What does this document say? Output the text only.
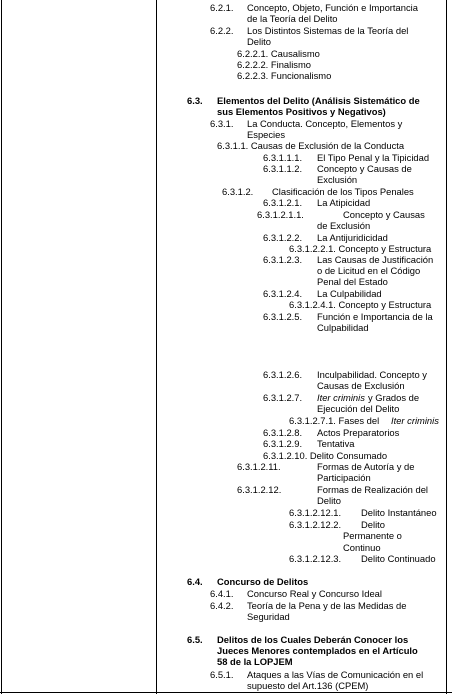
6.2.1. Concepto, Objeto, Función e Importancia
de la Teoría del Delito
6.2.2. Los Distintos Sistemas de la Teoría del
Delito
6.2.2.1. Causalismo
6.2.2.2. Finalismo
6.2.2.3. Funcionalismo
6.3. Elementos del Delito (Análisis Sistemático de
sus Elementos Positivos y Negativos)
6.3.1. La Conducta. Concepto, Elementos y
Especies
6.3.1.1. Causas de Exclusión de la Conducta
6.3.1.1.1. El Tipo Penal y la Tipicidad
6.3.1.1.2. Concepto y Causas de
Exclusión
6.3.1.2. Clasificación de los Tipos Penales
6.3.1.2.1. La Atipicidad
6.3.1.2.1.1.	Concepto y Causas
de Exclusión
6.3.1.2.2. La Antijuridicidad
6.3.1.2.2.1. Concepto y Estructura
6.3.1.2.3. Las Causas de Justificación
o de Licitud en el Código
Penal del Estado
6.3.1.2.4. La Culpabilidad
6.3.1.2.4.1. Concepto y Estructura
6.3.1.2.5. Función e Importancia de la
Culpabilidad
6.3.1.2.6. Inculpabilidad. Concepto y
Causas de Exclusión
6.3.1.2.7. Iter criminis y Grados de
Ejecución del Delito
6.3.1.2.7.1. Fases del Iter criminis
6.3.1.2.8. Actos Preparatorios
6.3.1.2.9. Tentativa
6.3.1.2.10. Delito Consumado
6.3.1.2.11.	Formas de Autoría y de
Participación
6.3.1.2.12.	Formas de Realización del
Delito
6.3.1.2.12.1. Delito Instantáneo
6.3.1.2.12.2. Delito
Permanente o
Continuo
6.3.1.2.12.3. Delito Continuado
6.4. Concurso de Delitos
6.4.1. Concurso Real y Concurso Ideal
6.4.2. Teoría de la Pena y de las Medidas de
Seguridad
6.5. Delitos de los Cuales Deberán Conocer los
Jueces Menores contemplados en el Artículo
58 de la LOPJEM
6.5.1. Ataques a las Vías de Comunicación en el
supuesto del Art.136 (CPEM)
